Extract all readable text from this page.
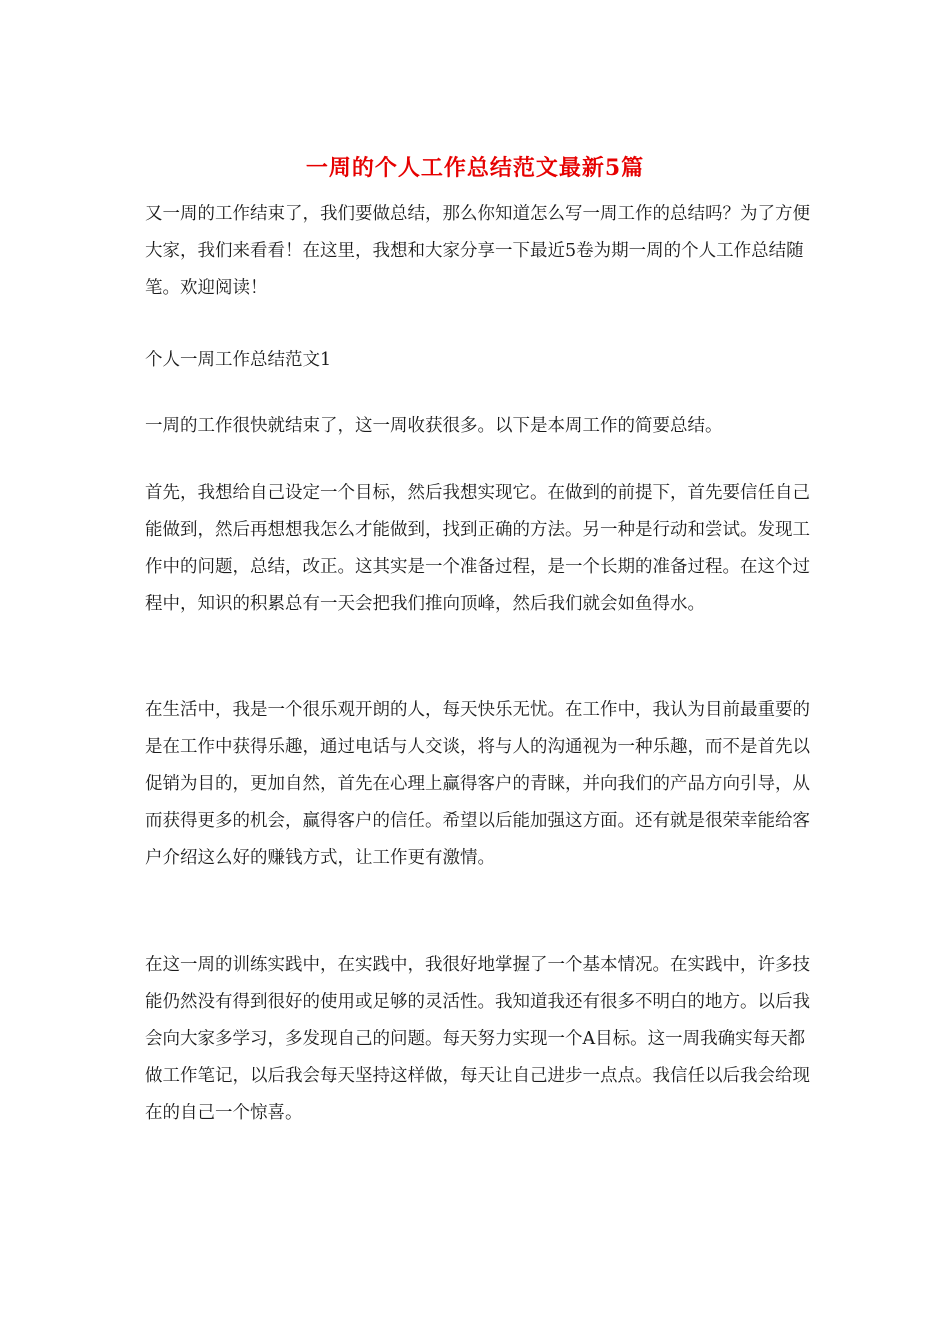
一周的个人工作总结范文最新5篇

又一周的工作结束了，我们要做总结，那么你知道怎么写一周工作的总结吗？为了方便大家，我们来看看！在这里，我想和大家分享一下最近5卷为期一周的个人工作总结随笔。欢迎阅读！

个人一周工作总结范文1

一周的工作很快就结束了，这一周收获很多。以下是本周工作的简要总结。

首先，我想给自己设定一个目标，然后我想实现它。在做到的前提下，首先要信任自己能做到，然后再想想我怎么才能做到，找到正确的方法。另一种是行动和尝试。发现工作中的问题，总结，改正。这其实是一个准备过程，是一个长期的准备过程。在这个过程中，知识的积累总有一天会把我们推向顶峰，然后我们就会如鱼得水。

在生活中，我是一个很乐观开朗的人，每天快乐无忧。在工作中，我认为目前最重要的是在工作中获得乐趣，通过电话与人交谈，将与人的沟通视为一种乐趣，而不是首先以促销为目的，更加自然，首先在心理上赢得客户的青睐，并向我们的产品方向引导，从而获得更多的机会，赢得客户的信任。希望以后能加强这方面。还有就是很荣幸能给客户介绍这么好的赚钱方式，让工作更有激情。

在这一周的训练实践中，在实践中，我很好地掌握了一个基本情况。在实践中，许多技能仍然没有得到很好的使用或足够的灵活性。我知道我还有很多不明白的地方。以后我会向大家多学习，多发现自己的问题。每天努力实现一个A目标。这一周我确实每天都做工作笔记，以后我会每天坚持这样做，每天让自己进步一点点。我信任以后我会给现在的自己一个惊喜。
